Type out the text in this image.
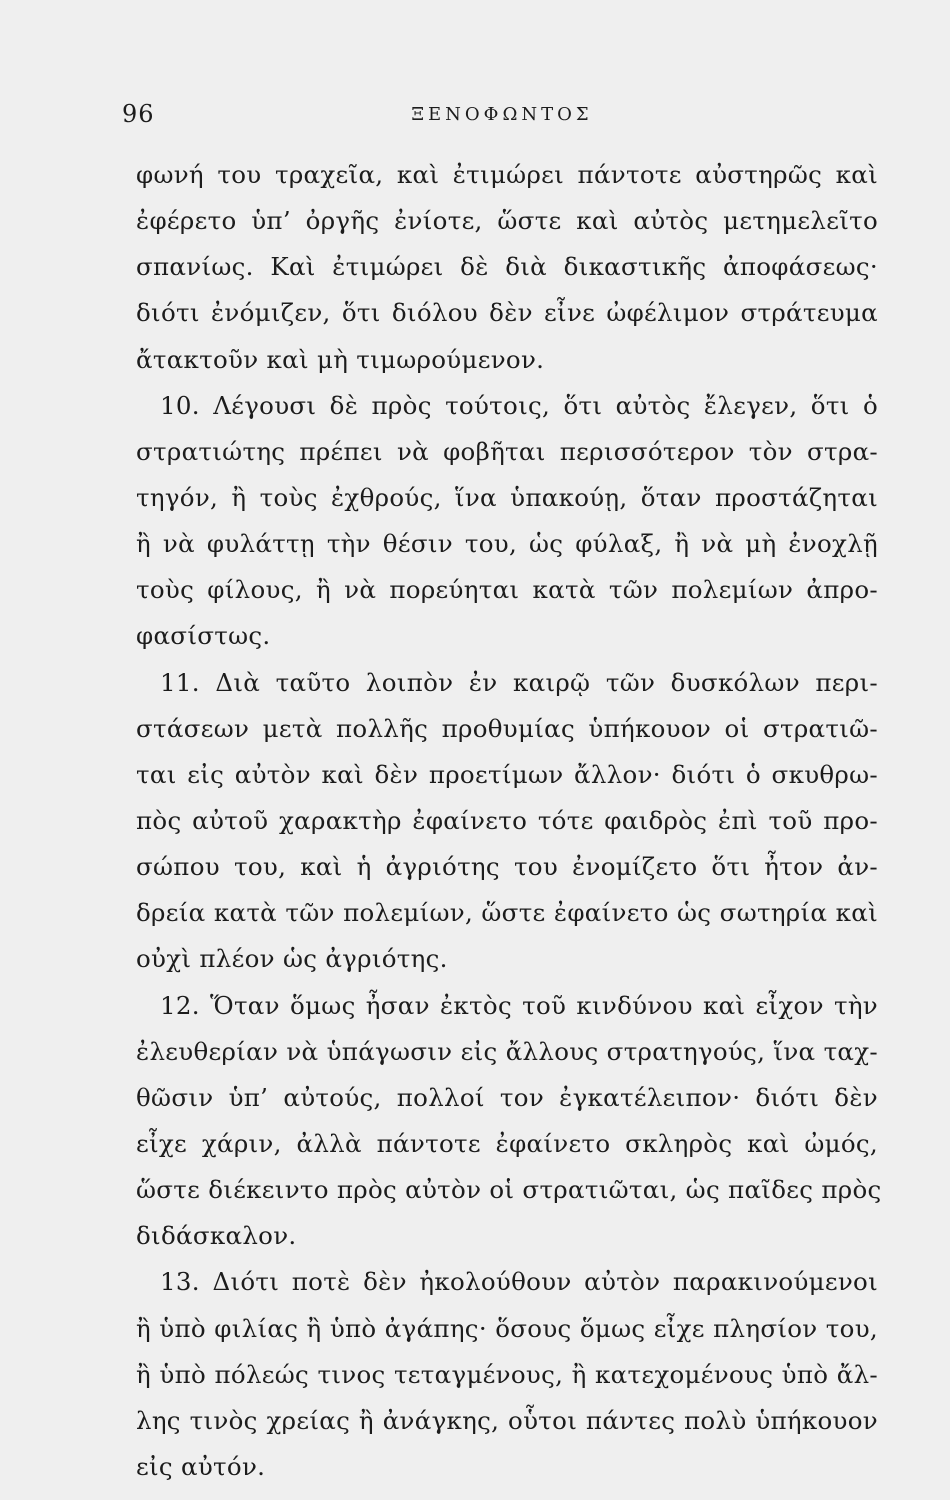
96	ΞΕΝΟΦΩΝΤΟΣ
φωνή του τραχεῖα, καὶ ἐτιμώρει πάντοτε αὐστηρῶς καὶ
ἐφέρετο ὑπ’ ὀργῆς ἐνίοτε, ὥστε καὶ αὐτὸς μετημελεῖτο
σπανίως. Καὶ ἐτιμώρει δὲ διὰ δικαστικῆς ἀποφάσεως·
διότι ἐνόμιζεν, ὅτι διόλου δὲν εἶνε ὠφέλιμον στράτευμα
ἄτακτοῦν καὶ μὴ τιμωρούμενον.
10. Λέγουσι δὲ πρὸς τούτοις, ὅτι αὐτὸς ἔλεγεν, ὅτι ὁ
στρατιώτης πρέπει νὰ φοβῆται περισσότερον τὸν στρα-
τηγόν, ἢ τοὺς ἐχθρούς, ἵνα ὑπακούῃ, ὅταν προστάζηται
ἢ νὰ φυλάττῃ τὴν θέσιν του, ὡς φύλαξ, ἢ νὰ μὴ ἐνοχλῇ
τοὺς φίλους, ἢ νὰ πορεύηται κατὰ τῶν πολεμίων ἀπρο-
φασίστως.
11. Διὰ ταῦτο λοιπὸν ἐν καιρῷ τῶν δυσκόλων περι-
στάσεων μετὰ πολλῆς προθυμίας ὑπήκουον οἱ στρατιῶ-
ται εἰς αὐτὸν καὶ δὲν προετίμων ἄλλον· διότι ὁ σκυθρω-
πὸς αὐτοῦ χαρακτὴρ ἐφαίνετο τότε φαιδρὸς ἐπὶ τοῦ προ-
σώπου του, καὶ ἡ ἀγριότης του ἐνομίζετο ὅτι ἦτον ἀν-
δρεία κατὰ τῶν πολεμίων, ὥστε ἐφαίνετο ὡς σωτηρία καὶ
οὐχὶ πλέον ὡς ἀγριότης.
12. Ὅταν ὅμως ἦσαν ἐκτὸς τοῦ κινδύνου καὶ εἶχον τὴν
ἐλευθερίαν νὰ ὑπάγωσιν εἰς ἄλλους στρατηγούς, ἵνα ταχ-
θῶσιν ὑπ’ αὐτούς, πολλοί τον ἐγκατέλειπον· διότι δὲν
εἶχε χάριν, ἀλλὰ πάντοτε ἐφαίνετο σκληρὸς καὶ ὠμός,
ὥστε διέκειντο πρὸς αὐτὸν οἱ στρατιῶται, ὡς παῖδες πρὸς
διδάσκαλον.
13. Διότι ποτὲ δὲν ἠκολούθουν αὐτὸν παρακινούμενοι
ἢ ὑπὸ φιλίας ἢ ὑπὸ ἀγάπης· ὅσους ὅμως εἶχε πλησίον του,
ἢ ὑπὸ πόλεώς τινος τεταγμένους, ἢ κατεχομένους ὑπὸ ἄλ-
λης τινὸς χρείας ἢ ἀνάγκης, οὗτοι πάντες πολὺ ὑπήκουον
εἰς αὐτόν.
